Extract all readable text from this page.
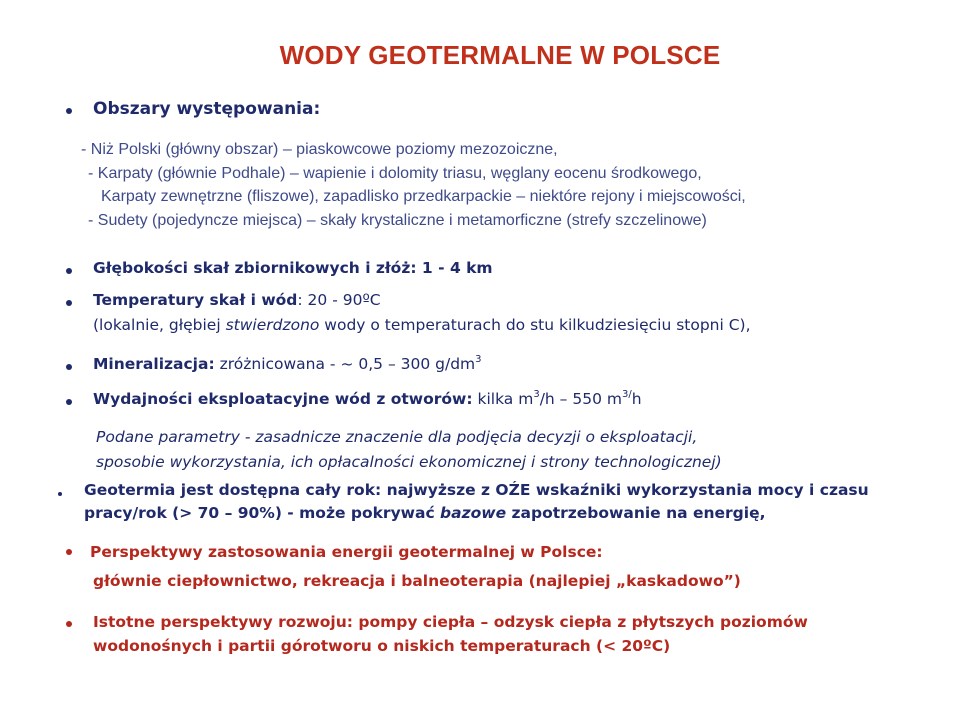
WODY GEOTERMALNE W POLSCE
Obszary występowania:
- Niż Polski (główny obszar) – piaskowcowe poziomy mezozoiczne,
- Karpaty (głównie Podhale) – wapienie i dolomity triasu, węglany eocenu środkowego,
Karpaty zewnętrzne (fliszowe), zapadlisko przedkarpackie – niektóre rejony i miejscowości,
- Sudety (pojedyncze miejsca) – skały krystaliczne i metamorficzne (strefy szczelinowe)
Głębokości skał zbiornikowych i złóż: 1 - 4 km
Temperatury skał i wód: 20 - 90ºC
(lokalnie, głębiej stwierdzono wody o temperaturach do stu kilkudziesięciu stopni C),
Mineralizacja: zróżnicowana - ~ 0,5 – 300 $g/dm^3$
Wydajności eksploatacyjne wód z otworów: kilka $m^3/h - 550$ $m^{3/}h$
Podane parametry - zasadnicze znaczenie dla podjęcia decyzji o eksploatacji,
sposobie wykorzystania, ich opłacalności ekonomicznej i strony technologicznej)
Geotermia jest dostępna cały rok: najwyższe z OŹE wskaźniki wykorzystania mocy i czasu
pracy/rok (> 70 – 90%) - może pokrywać bazowe zapotrzebowanie na energię,
Perspektywy zastosowania energii geotermalnej w Polsce:
głównie ciepłownictwo, rekreacja i balneoterapia (najlepiej „kaskadowo”)
Istotne perspektywy rozwoju: pompy ciepła – odzysk ciepła z płytszych poziomów
wodonośnych i partii górotworu o niskich temperaturach (< 20ºC)
